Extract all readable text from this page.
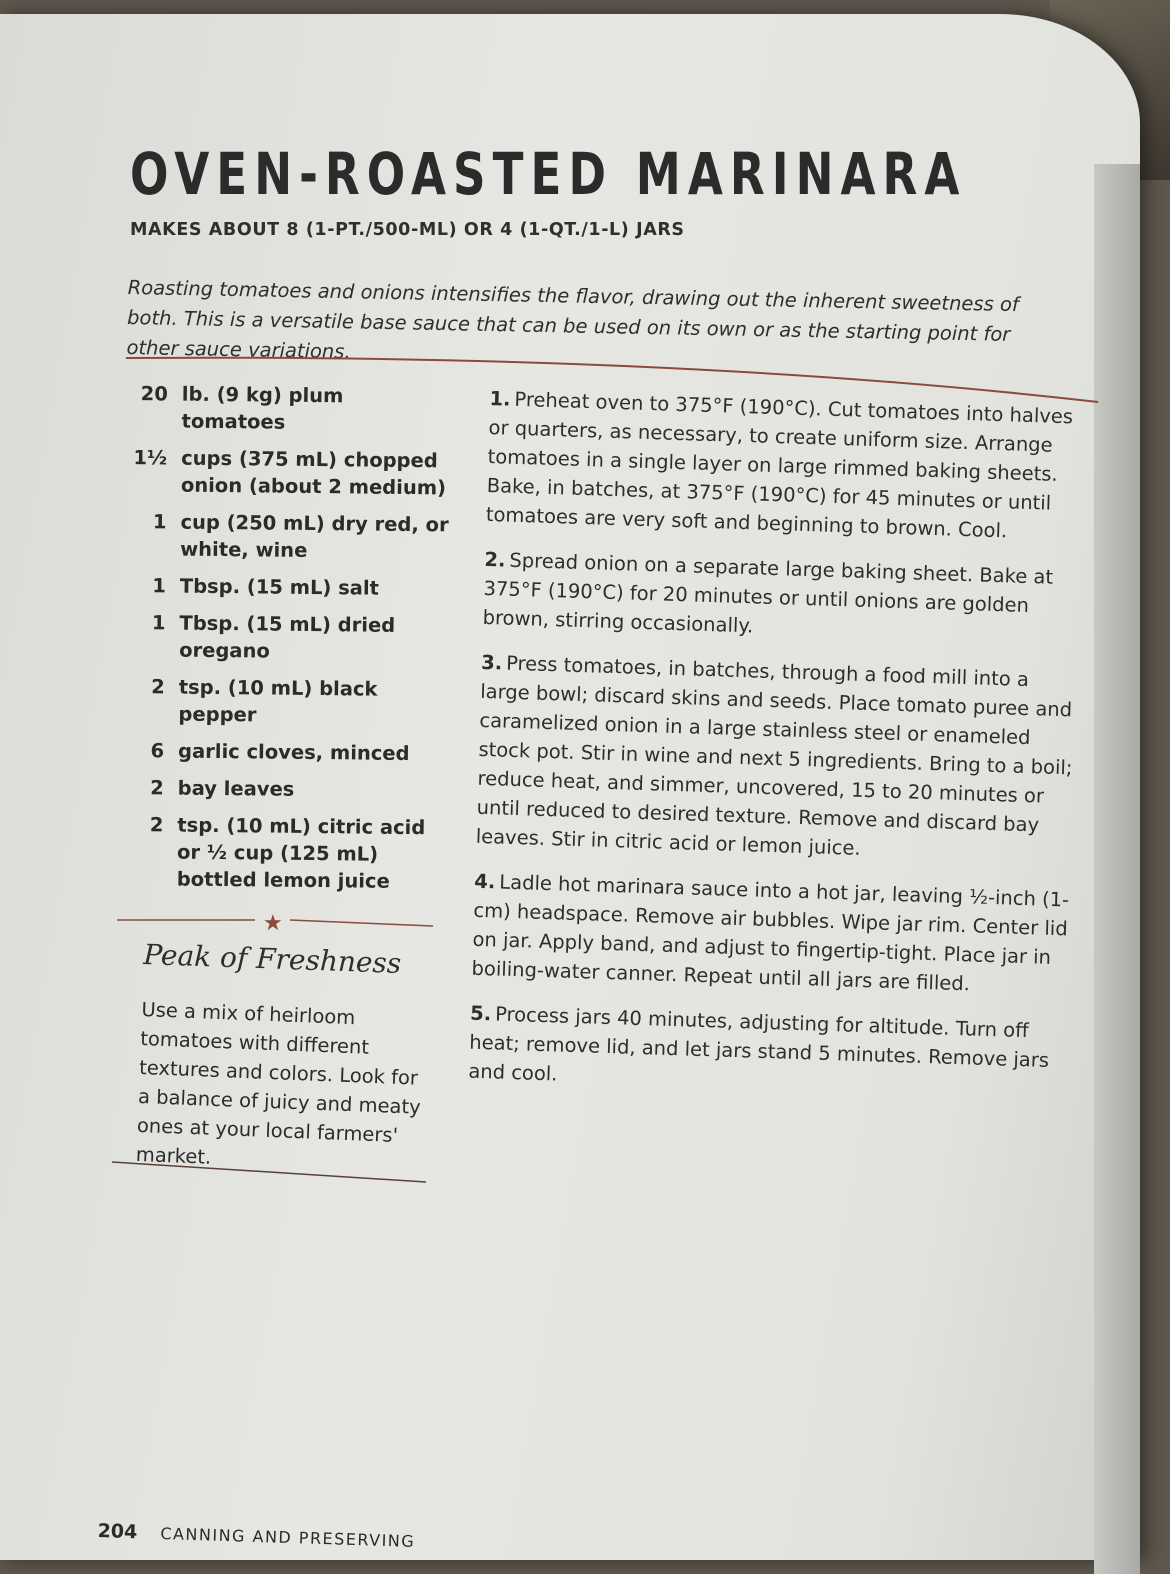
OVEN-ROASTED MARINARA
MAKES ABOUT 8 (1-PT./500-ML) OR 4 (1-QT./1-L) JARS

Roasting tomatoes and onions intensifies the flavor, drawing out the inherent sweetness of both. This is a versatile base sauce that can be used on its own or as the starting point for other sauce variations.

20 lb. (9 kg) plum tomatoes
1½ cups (375 mL) chopped onion (about 2 medium)
1 cup (250 mL) dry red, or white, wine
1 Tbsp. (15 mL) salt
1 Tbsp. (15 mL) dried oregano
2 tsp. (10 mL) black pepper
6 garlic cloves, minced
2 bay leaves
2 tsp. (10 mL) citric acid or ½ cup (125 mL) bottled lemon juice
★
Peak of Freshness

Use a mix of heirloom tomatoes with different textures and colors. Look for a balance of juicy and meaty ones at your local farmers' market.

1. Preheat oven to 375°F (190°C). Cut tomatoes into halves or quarters, as necessary, to create uniform size. Arrange tomatoes in a single layer on large rimmed baking sheets. Bake, in batches, at 375°F (190°C) for 45 minutes or until tomatoes are very soft and beginning to brown. Cool.

2. Spread onion on a separate large baking sheet. Bake at 375°F (190°C) for 20 minutes or until onions are golden brown, stirring occasionally.

3. Press tomatoes, in batches, through a food mill into a large bowl; discard skins and seeds. Place tomato puree and caramelized onion in a large stainless steel or enameled stock pot. Stir in wine and next 5 ingredients. Bring to a boil; reduce heat, and simmer, uncovered, 15 to 20 minutes or until reduced to desired texture. Remove and discard bay leaves. Stir in citric acid or lemon juice.

4. Ladle hot marinara sauce into a hot jar, leaving ½-inch (1-cm) headspace. Remove air bubbles. Wipe jar rim. Center lid on jar. Apply band, and adjust to fingertip-tight. Place jar in boiling-water canner. Repeat until all jars are filled.

5. Process jars 40 minutes, adjusting for altitude. Turn off heat; remove lid, and let jars stand 5 minutes. Remove jars and cool.

204 CANNING AND PRESERVING
